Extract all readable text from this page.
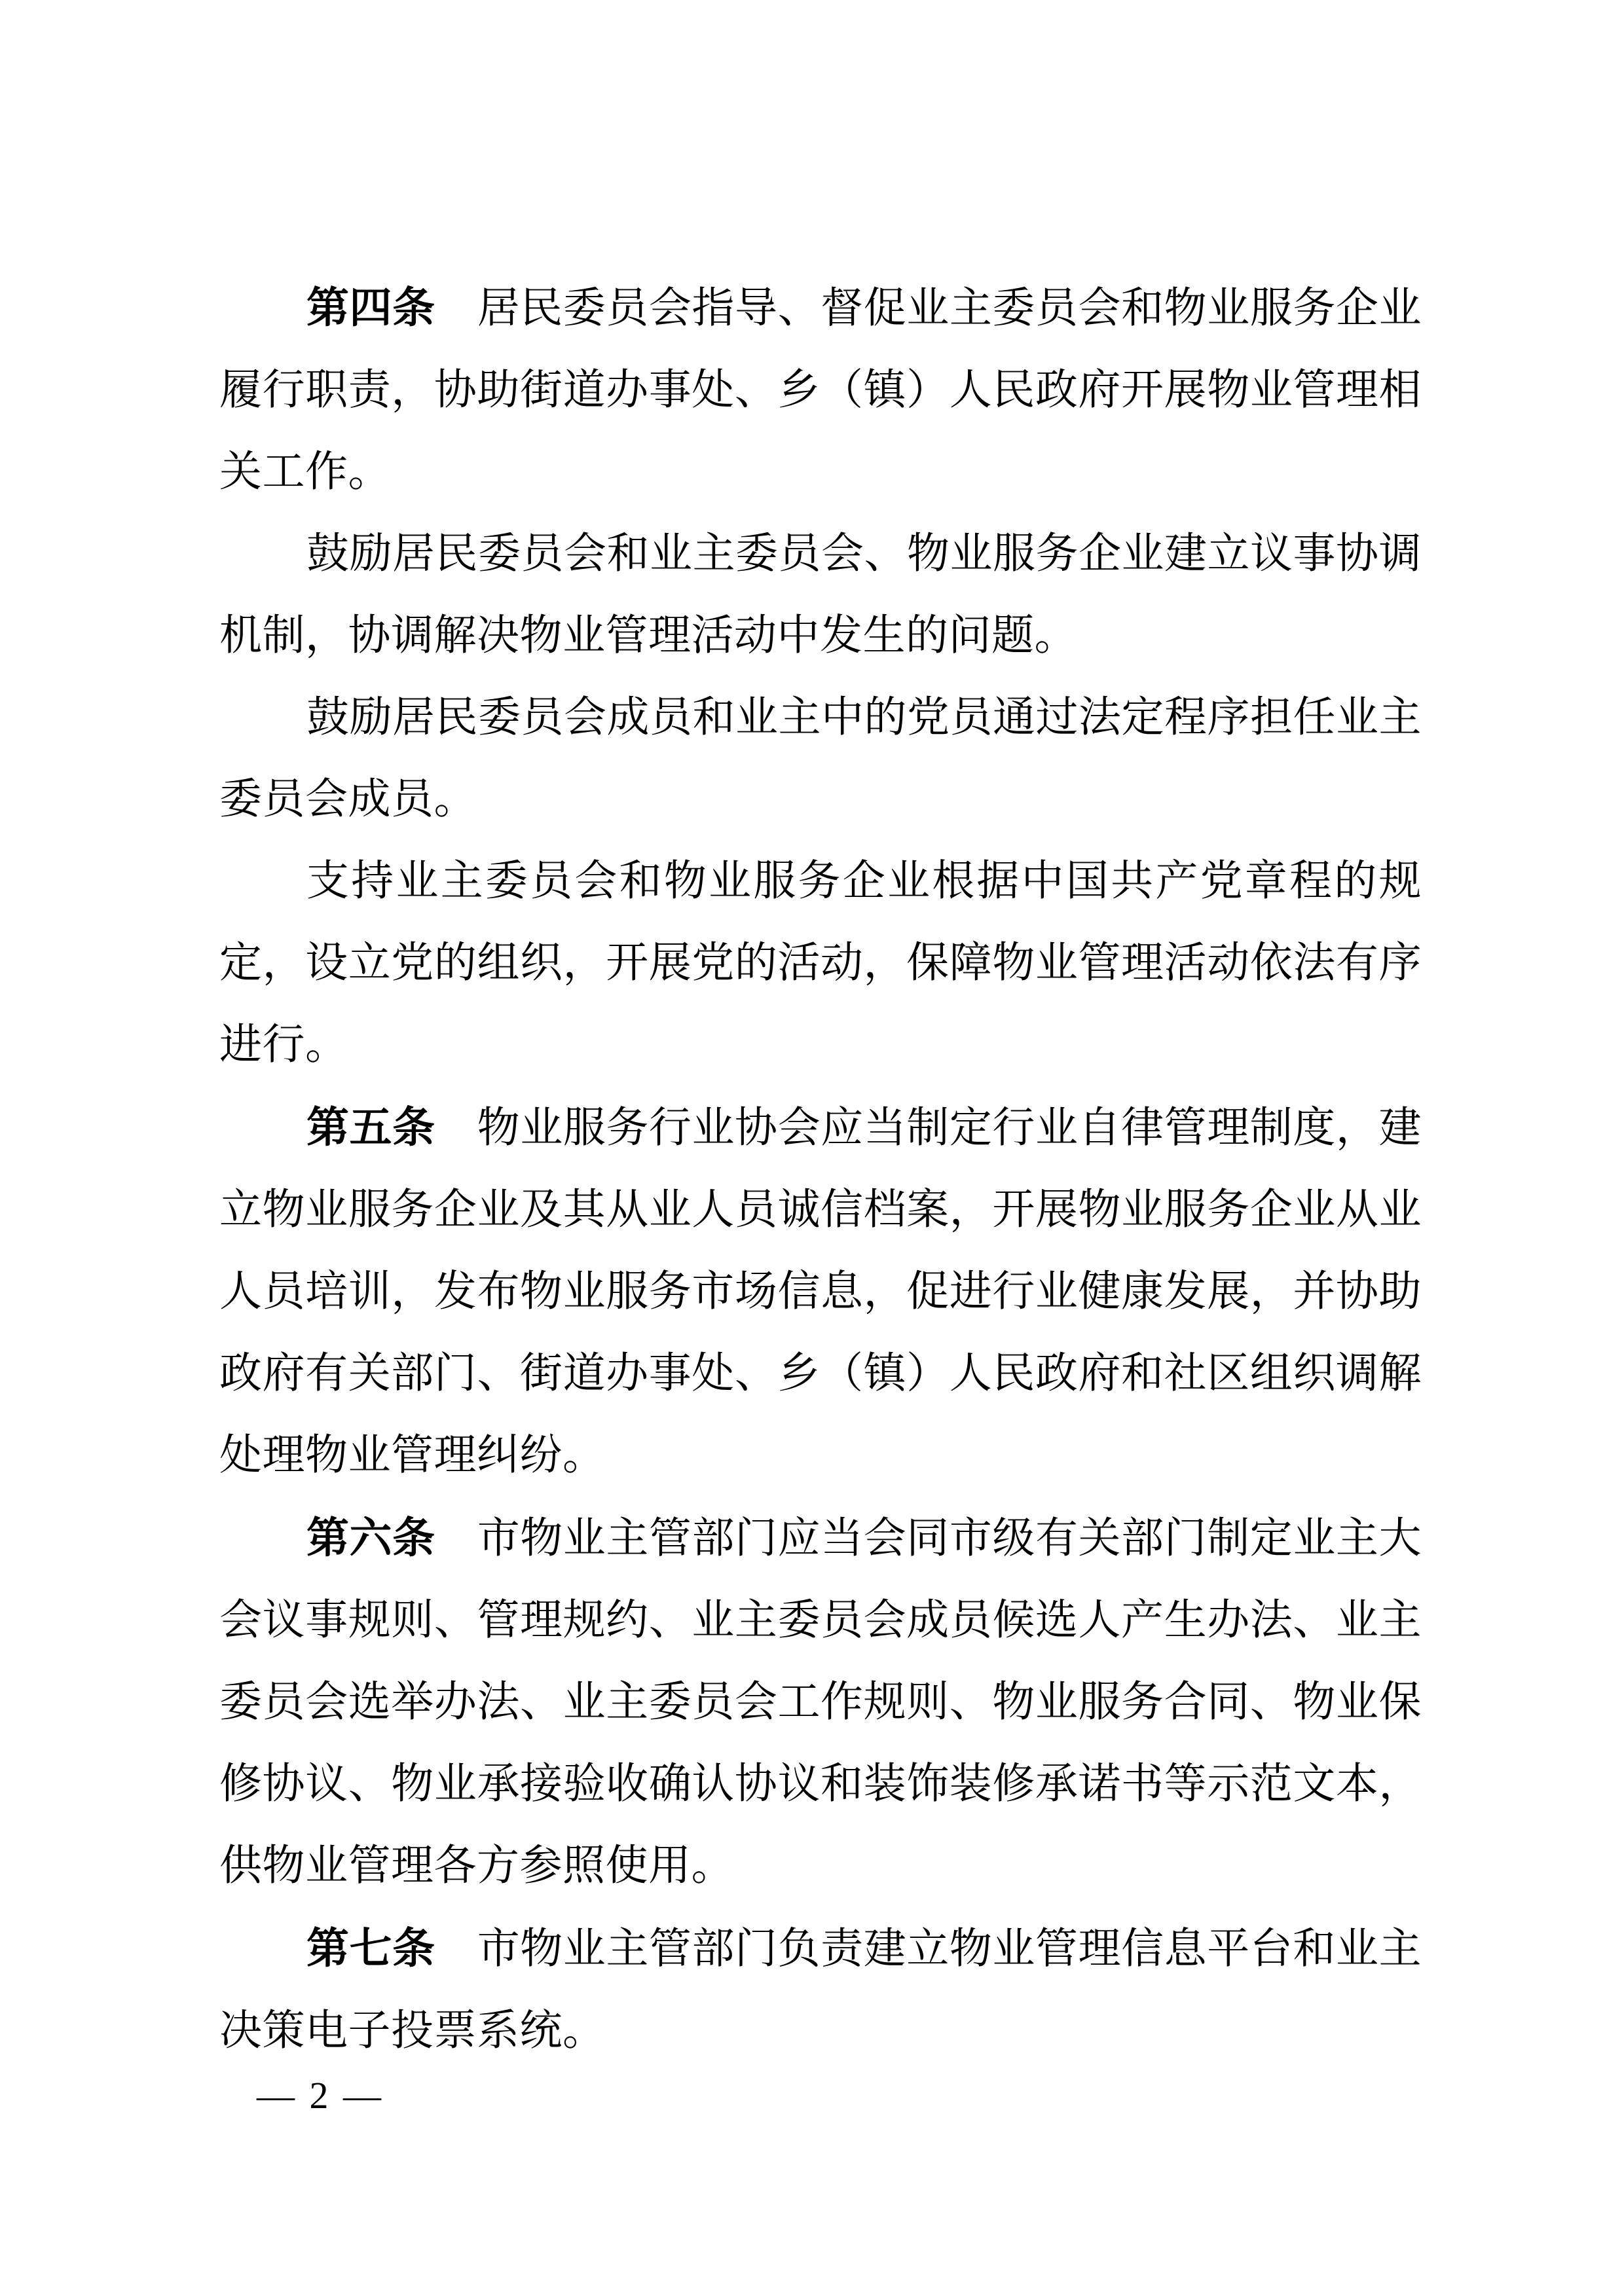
第四条 居民委员会指导、督促业主委员会和物业服务企业履行职责，协助街道办事处、乡（镇）人民政府开展物业管理相关工作。

鼓励居民委员会和业主委员会、物业服务企业建立议事协调机制，协调解决物业管理活动中发生的问题。

鼓励居民委员会成员和业主中的党员通过法定程序担任业主委员会成员。

支持业主委员会和物业服务企业根据中国共产党章程的规定，设立党的组织，开展党的活动，保障物业管理活动依法有序进行。

第五条 物业服务行业协会应当制定行业自律管理制度，建立物业服务企业及其从业人员诚信档案，开展物业服务企业从业人员培训，发布物业服务市场信息，促进行业健康发展，并协助政府有关部门、街道办事处、乡（镇）人民政府和社区组织调解处理物业管理纠纷。

第六条 市物业主管部门应当会同市级有关部门制定业主大会议事规则、管理规约、业主委员会成员候选人产生办法、业主委员会选举办法、业主委员会工作规则、物业服务合同、物业保修协议、物业承接验收确认协议和装饰装修承诺书等示范文本，供物业管理各方参照使用。

第七条 市物业主管部门负责建立物业管理信息平台和业主决策电子投票系统。

— 2 —
